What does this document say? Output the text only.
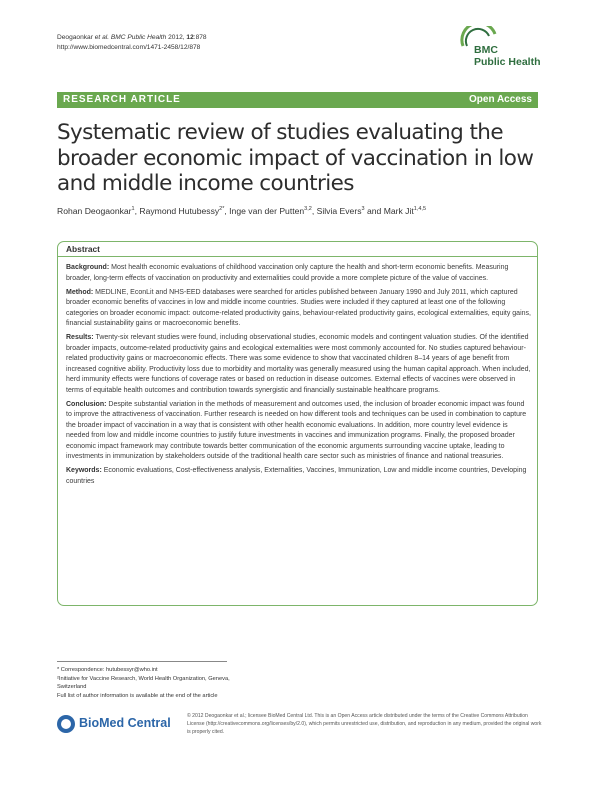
Deogaonkar et al. BMC Public Health 2012, 12:878
http://www.biomedcentral.com/1471-2458/12/878	BMC
Public Health
RESEARCH ARTICLE	Open Access
Systematic review of studies evaluating the broader economic impact of vaccination in low and middle income countries
Rohan Deogaonkar$^1$, Raymond Hutubessy$^{2*}$, Inge van der Putten$^{3,2}$, Silvia Evers$^3$ and Mark Jit$^{1,4,5}$
Abstract

Background: Most health economic evaluations of childhood vaccination only capture the health and short-term economic benefits. Measuring broader, long-term effects of vaccination on productivity and externalities could provide a more complete picture of the value of vaccines.

Method: MEDLINE, EconLit and NHS-EED databases were searched for articles published between January 1990 and July 2011, which captured broader economic benefits of vaccines in low and middle income countries. Studies were included if they captured at least one of the following categories on broader economic impact: outcome-related productivity gains, behaviour-related productivity gains, ecological externalities, equity gains, financial sustainability gains or macroeconomic benefits.

Results: Twenty-six relevant studies were found, including observational studies, economic models and contingent valuation studies. Of the identified broader impacts, outcome-related productivity gains and ecological externalities were most commonly accounted for. No studies captured behaviour-related productivity gains or macroeconomic effects. There was some evidence to show that vaccinated children 8–14 years of age benefit from increased cognitive ability. Productivity loss due to morbidity and mortality was generally measured using the human capital approach. When included, herd immunity effects were functions of coverage rates or based on reduction in disease outcomes. External effects of vaccines were observed in terms of equitable health outcomes and contribution towards synergistic and financially sustainable healthcare programs.

Conclusion: Despite substantial variation in the methods of measurement and outcomes used, the inclusion of broader economic impact was found to improve the attractiveness of vaccination. Further research is needed on how different tools and techniques can be used in combination to capture the broader impact of vaccination in a way that is consistent with other health economic evaluations. In addition, more country level evidence is needed from low and middle income countries to justify future investments in vaccines and immunization programs. Finally, the proposed broader economic impact framework may contribute towards better communication of the economic arguments surrounding vaccine uptake, leading to investments in immunization by stakeholders outside of the traditional health care sector such as ministries of finance and national treasuries.

Keywords: Economic evaluations, Cost-effectiveness analysis, Externalities, Vaccines, Immunization, Low and middle income countries, Developing countries

* Correspondence: hutubessyr@who.int
²Initiative for Vaccine Research, World Health Organization, Geneva,
Switzerland
Full list of author information is available at the end of the article
BioMed Central	© 2012 Deogaonkar et al.; licensee BioMed Central Ltd. This is an Open Access article distributed under the terms of the Creative Commons Attribution License (http://creativecommons.org/licenses/by/2.0), which permits unrestricted use, distribution, and reproduction in any medium, provided the original work is properly cited.
